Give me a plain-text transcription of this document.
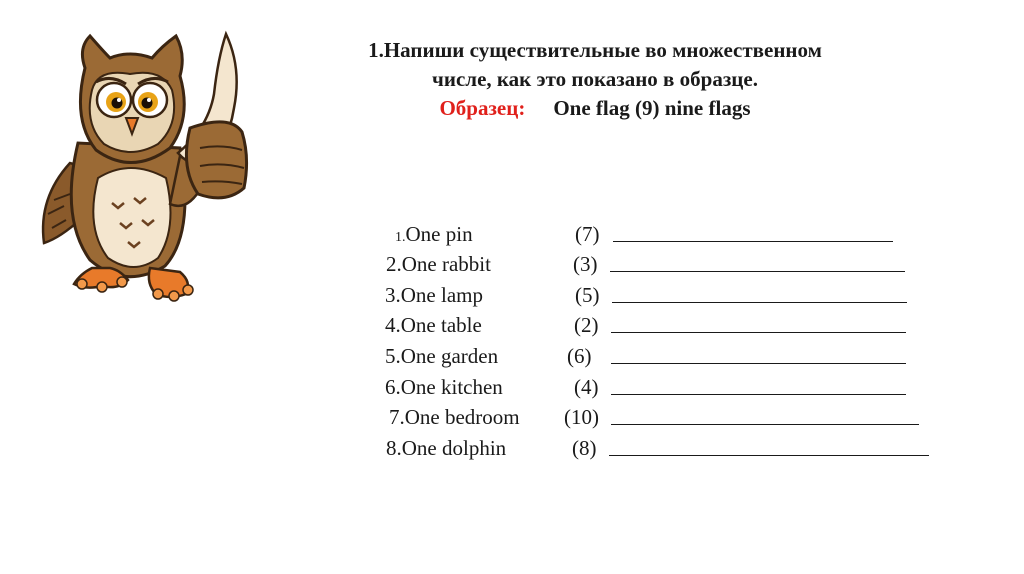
1.Напиши существительные во множественном
числе, как это показано в образце.
Образец: One flag (9) nine flags
1.One pin	(7)
2.One rabbit	(3)
3.One lamp	(5)
4.One table	(2)
5.One garden	(6)
6.One kitchen	(4)
7.One bedroom (10)
8.One dolphin	(8)
